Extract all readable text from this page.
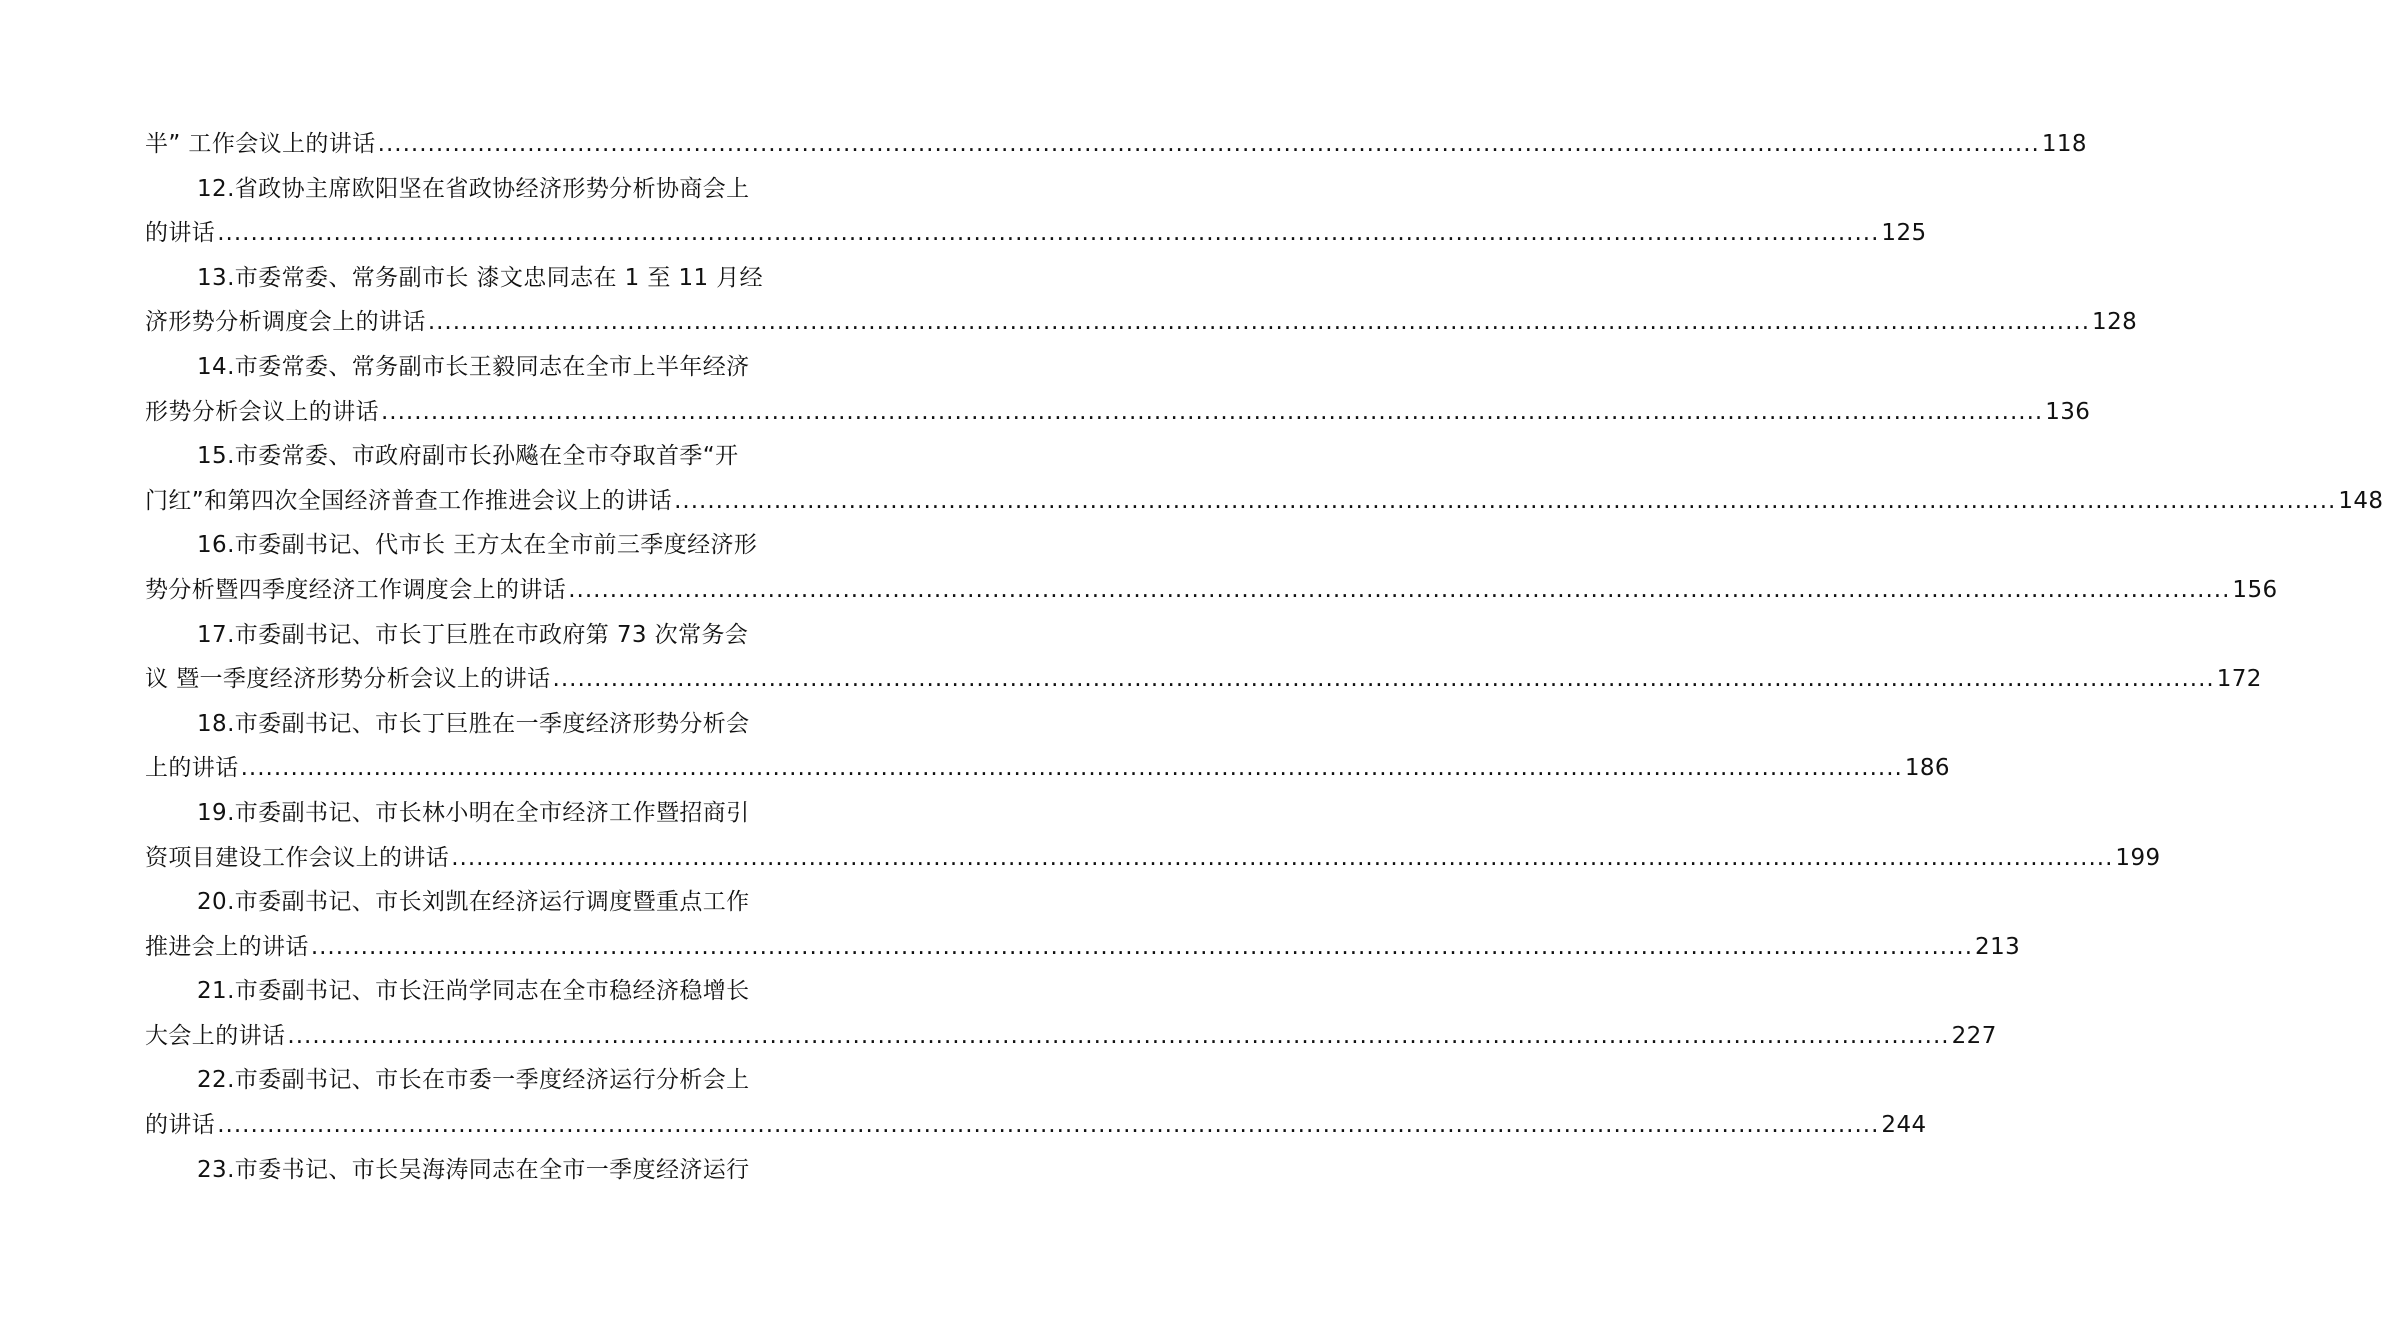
半” 工作会议上的讲话 ........................................................................................................................................................................................................ 118
12.省政协主席欧阳坚在省政协经济形势分析协商会上
的讲话 ........................................................................................................................................................................................................ 125
13.市委常委、常务副市长 漆文忠同志在 1 至 11 月经
济形势分析调度会上的讲话 ........................................................................................................................................................................................................ 128
14.市委常委、常务副市长王毅同志在全市上半年经济
形势分析会议上的讲话 ........................................................................................................................................................................................................ 136
15.市委常委、市政府副市长孙飚在全市夺取首季“开
门红”和第四次全国经济普查工作推进会议上的讲话 ........................................................................................................................................................................................................ 148
16.市委副书记、代市长 王方太在全市前三季度经济形
势分析暨四季度经济工作调度会上的讲话 ........................................................................................................................................................................................................ 156
17.市委副书记、市长丁巨胜在市政府第 73 次常务会
议 暨一季度经济形势分析会议上的讲话 ........................................................................................................................................................................................................ 172
18.市委副书记、市长丁巨胜在一季度经济形势分析会
上的讲话 ........................................................................................................................................................................................................ 186
19.市委副书记、市长林小明在全市经济工作暨招商引
资项目建设工作会议上的讲话 ........................................................................................................................................................................................................ 199
20.市委副书记、市长刘凯在经济运行调度暨重点工作
推进会上的讲话 ........................................................................................................................................................................................................ 213
21.市委副书记、市长汪尚学同志在全市稳经济稳增长
大会上的讲话 ........................................................................................................................................................................................................ 227
22.市委副书记、市长在市委一季度经济运行分析会上
的讲话 ........................................................................................................................................................................................................ 244
23.市委书记、市长吴海涛同志在全市一季度经济运行
